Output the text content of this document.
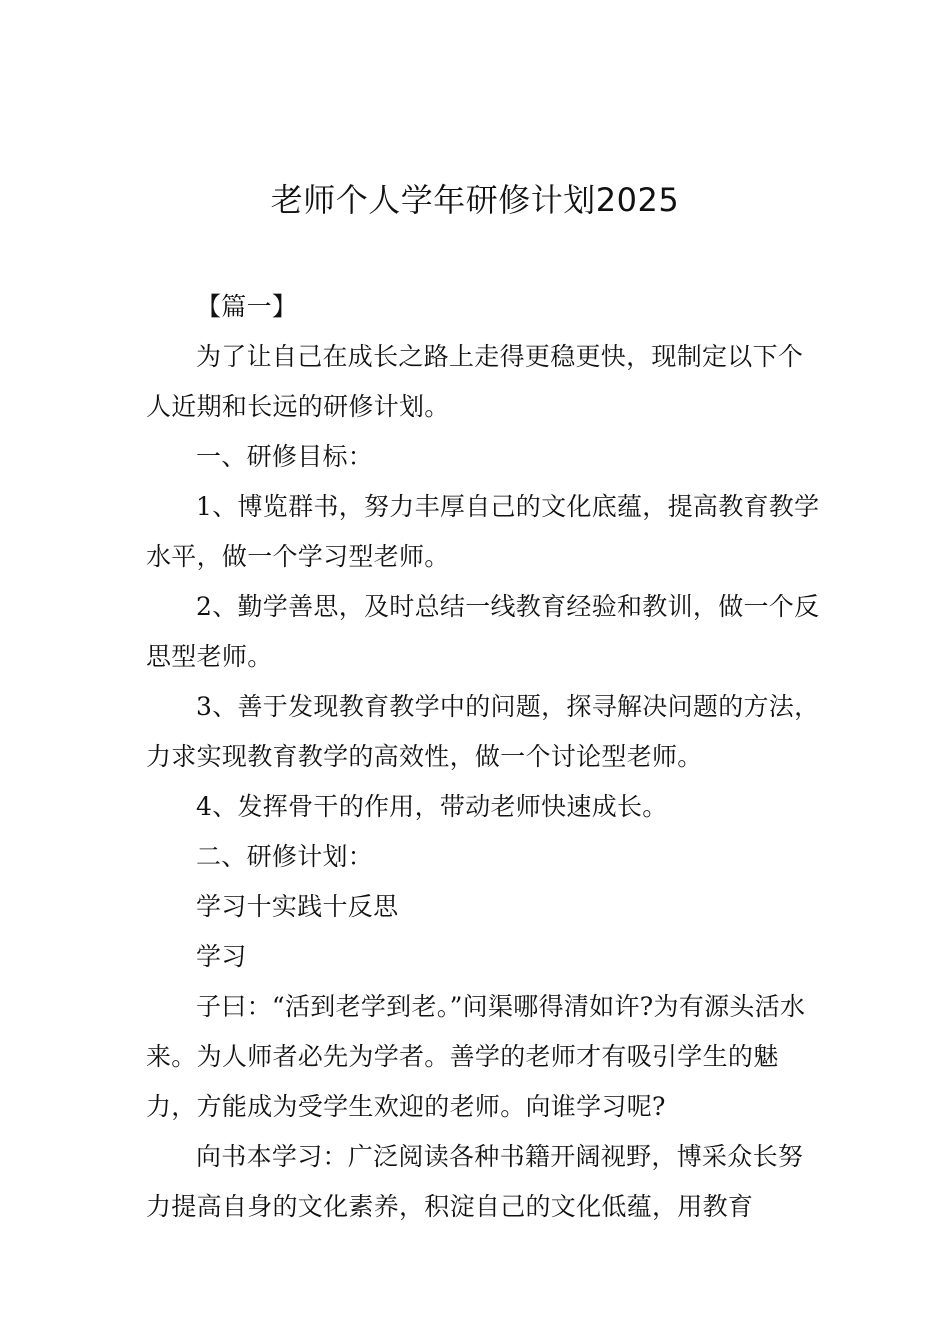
老师个人学年研修计划2025

【篇一】

为了让自己在成长之路上走得更稳更快，现制定以下个人近期和长远的研修计划。

一、研修目标：

1、博览群书，努力丰厚自己的文化底蕴，提高教育教学水平，做一个学习型老师。

2、勤学善思，及时总结一线教育经验和教训，做一个反思型老师。

3、善于发现教育教学中的问题，探寻解决问题的方法，力求实现教育教学的高效性，做一个讨论型老师。

4、发挥骨干的作用，带动老师快速成长。

二、研修计划：

学习十实践十反思

学习

子曰：“活到老学到老。”问渠哪得清如许?为有源头活水来。为人师者必先为学者。善学的老师才有吸引学生的魅力，方能成为受学生欢迎的老师。向谁学习呢?

向书本学习：广泛阅读各种书籍开阔视野，博采众长努力提高自身的文化素养，积淀自己的文化低蕴，用教育
